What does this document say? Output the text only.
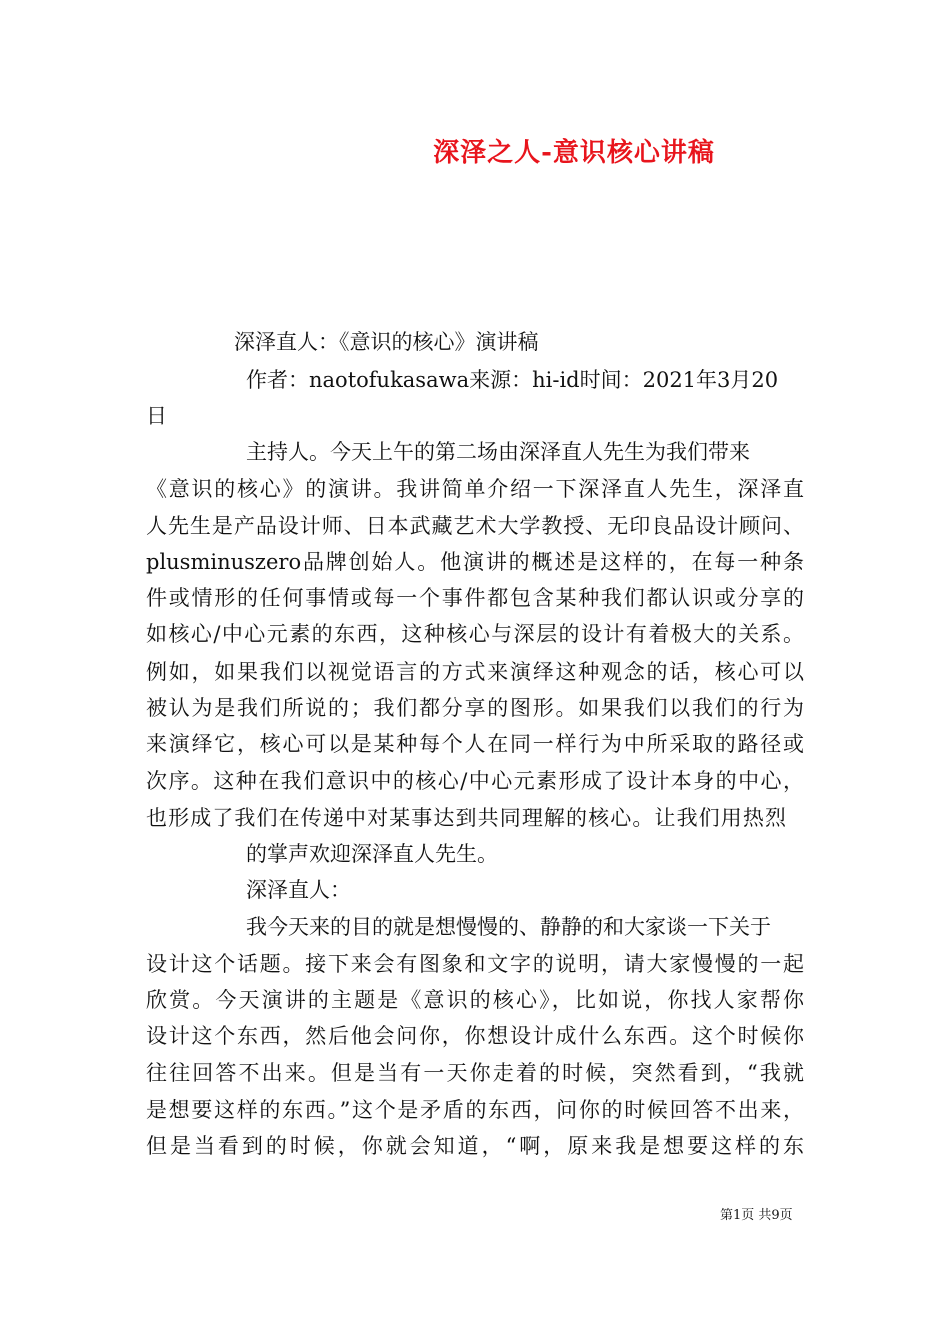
深泽之人-意识核心讲稿
深泽直人：《意识的核心》演讲稿
作者：naotofukasawa来源：hi-id时间：2021年3月20
日
主持人。今天上午的第二场由深泽直人先生为我们带来
《意识的核心》的演讲。我讲简单介绍一下深泽直人先生，深泽直
人先生是产品设计师、日本武藏艺术大学教授、无印良品设计顾问、
plusminuszero品牌创始人。他演讲的概述是这样的，在每一种条
件或情形的任何事情或每一个事件都包含某种我们都认识或分享的
如核心/中心元素的东西，这种核心与深层的设计有着极大的关系。
例如，如果我们以视觉语言的方式来演绎这种观念的话，核心可以
被认为是我们所说的；我们都分享的图形。如果我们以我们的行为
来演绎它，核心可以是某种每个人在同一样行为中所采取的路径或
次序。这种在我们意识中的核心/中心元素形成了设计本身的中心，
也形成了我们在传递中对某事达到共同理解的核心。让我们用热烈
的掌声欢迎深泽直人先生。
深泽直人：
我今天来的目的就是想慢慢的、静静的和大家谈一下关于
设计这个话题。接下来会有图象和文字的说明，请大家慢慢的一起
欣赏。今天演讲的主题是《意识的核心》，比如说，你找人家帮你
设计这个东西，然后他会问你，你想设计成什么东西。这个时候你
往往回答不出来。但是当有一天你走着的时候，突然看到，“我就
是想要这样的东西。”这个是矛盾的东西，问你的时候回答不出来，
但是当看到的时候，你就会知道，“啊，原来我是想要这样的东
第1页 共9页
